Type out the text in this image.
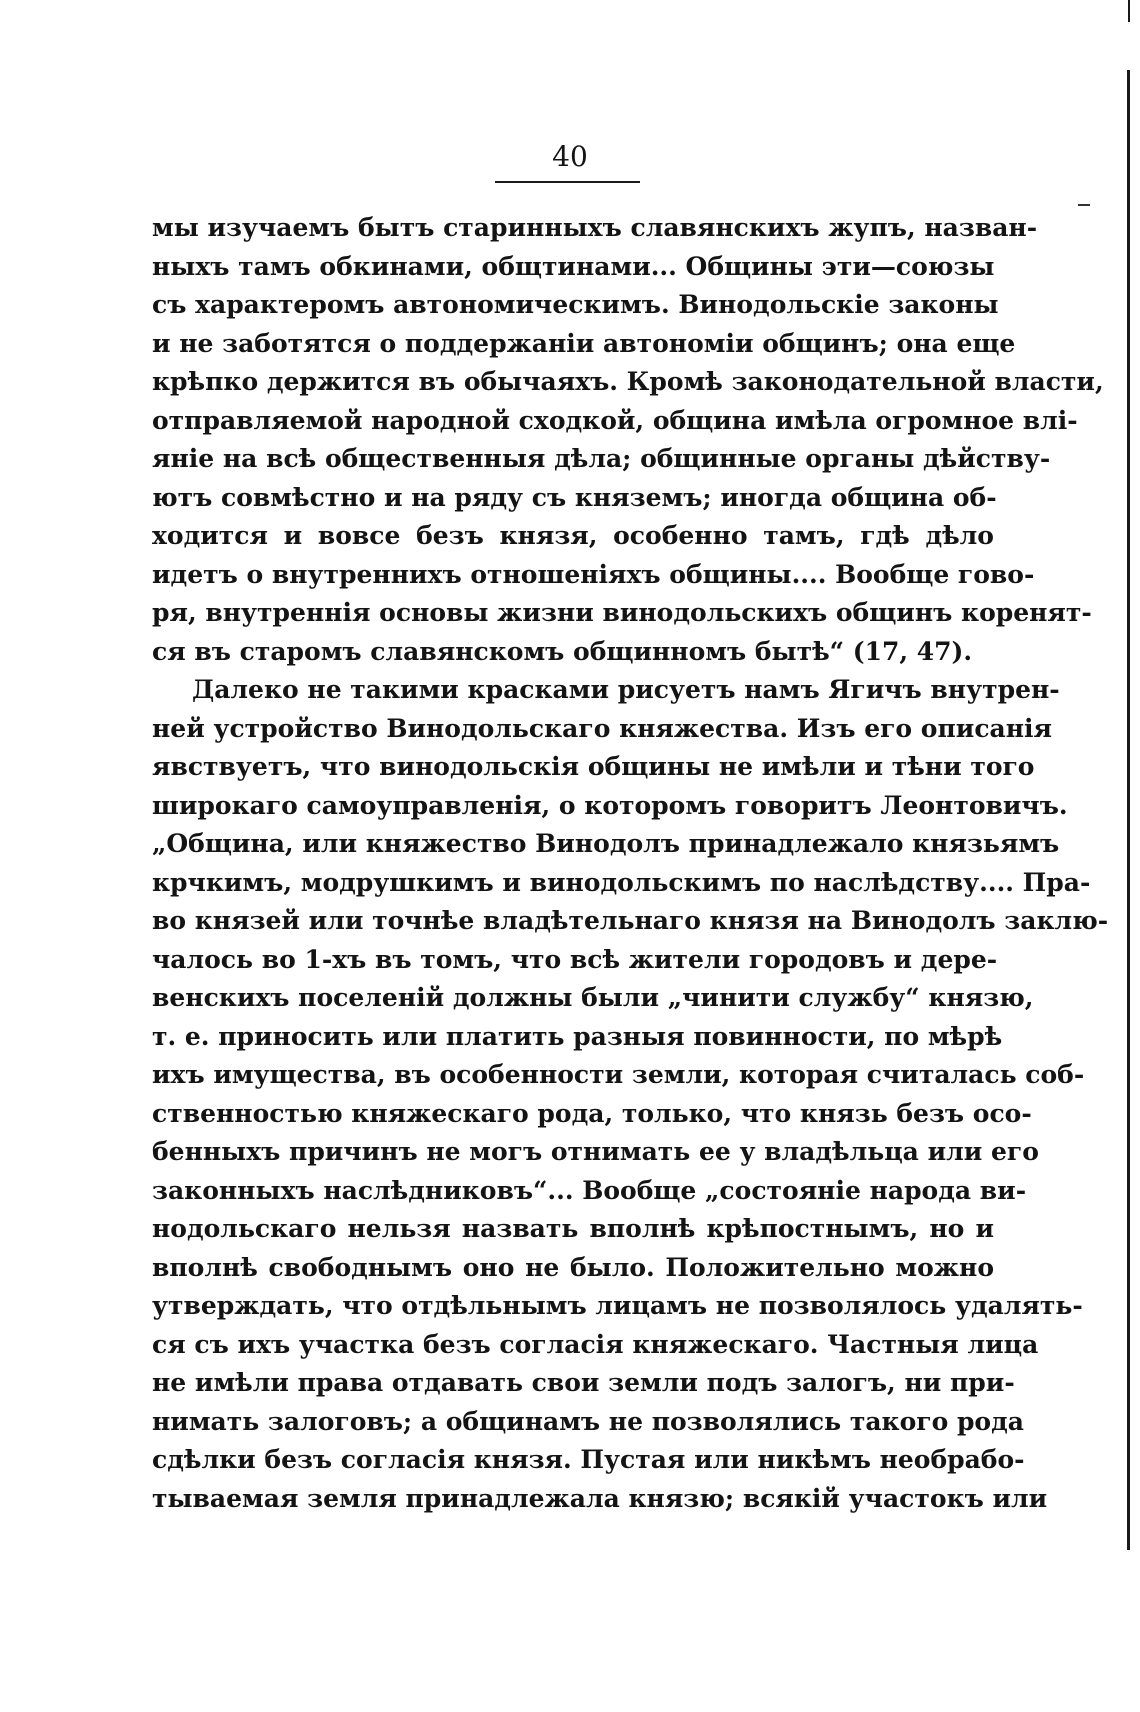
40
мы изучаемъ бытъ старинныхъ славянскихъ жупъ, назван-
ныхъ тамъ обкинами, общтинами... Общины эти—союзы
съ характеромъ автономическимъ. Винодольскіе законы
и не заботятся о поддержаніи автономіи общинъ; она еще
крѣпко держится въ обычаяхъ. Кромѣ законодательной власти,
отправляемой народной сходкой, община имѣла огромное влі-
яніе на всѣ общественныя дѣла; общинные органы дѣйству-
ютъ совмѣстно и на ряду съ княземъ; иногда община об-
ходится и вовсе безъ князя, особенно тамъ, гдѣ дѣло
идетъ о внутреннихъ отношеніяхъ общины.... Вообще гово-
ря, внутреннія основы жизни винодольскихъ общинъ коренят-
ся въ старомъ славянскомъ общинномъ бытѣ“ (17, 47).
Далеко не такими красками рисуетъ намъ Ягичъ внутрен-
ней устройство Винодольскаго княжества. Изъ его описанія
явствуетъ, что винодольскія общины не имѣли и тѣни того
широкаго самоуправленія, о которомъ говоритъ Леонтовичъ.
„Община, или княжество Винодолъ принадлежало князьямъ
крчкимъ, модрушкимъ и винодольскимъ по наслѣдству.... Пра-
во князей или точнѣе владѣтельнаго князя на Винодолъ заклю-
чалось во 1-хъ въ томъ, что всѣ жители городовъ и дере-
венскихъ поселеній должны были „чинити службу“ князю,
т. е. приносить или платить разныя повинности, по мѣрѣ
ихъ имущества, въ особенности земли, которая считалась соб-
ственностью княжескаго рода, только, что князь безъ осо-
бенныхъ причинъ не могъ отнимать ее у владѣльца или его
законныхъ наслѣдниковъ“... Вообще „состояніе народа ви-
нодольскаго нельзя назвать вполнѣ крѣпостнымъ, но и
вполнѣ свободнымъ оно не было. Положительно можно
утверждать, что отдѣльнымъ лицамъ не позволялось удалять-
ся съ ихъ участка безъ согласія княжескаго. Частныя лица
не имѣли права отдавать свои земли подъ залогъ, ни при-
нимать залоговъ; а общинамъ не позволялись такого рода
сдѣлки безъ согласія князя. Пустая или никѣмъ необрабо-
тываемая земля принадлежала князю; всякій участокъ или
